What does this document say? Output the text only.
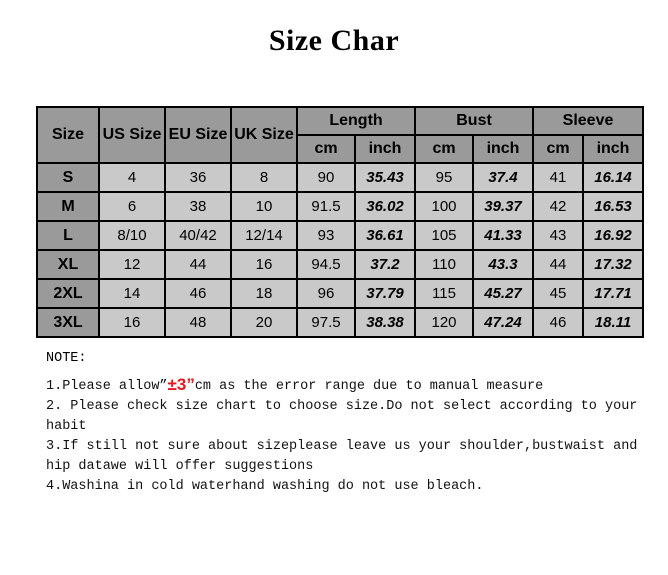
Size Char
Size	US Size	EU Size	UK Size	Length		Bust		Sleeve	
				cm	inch	cm	inch	cm	inch
S	4	36	8	90	35.43	95	37.4	41	16.14
M	6	38	10	91.5	36.02	100	39.37	42	16.53
L	8/10	40/42	12/14	93	36.61	105	41.33	43	16.92
XL	12	44	16	94.5	37.2	110	43.3	44	17.32
2XL	14	46	18	96	37.79	115	45.27	45	17.71
3XL	16	48	20	97.5	38.38	120	47.24	46	18.11
NOTE:

1.Please allow”±3”cm as the error range due to manual measure

2. Please check size chart to choose size.Do not select according to your habit

3.If still not sure about sizeplease leave us your shoulder,bustwaist and hip datawe will offer suggestions

4.Washina in cold waterhand washing do not use bleach.
